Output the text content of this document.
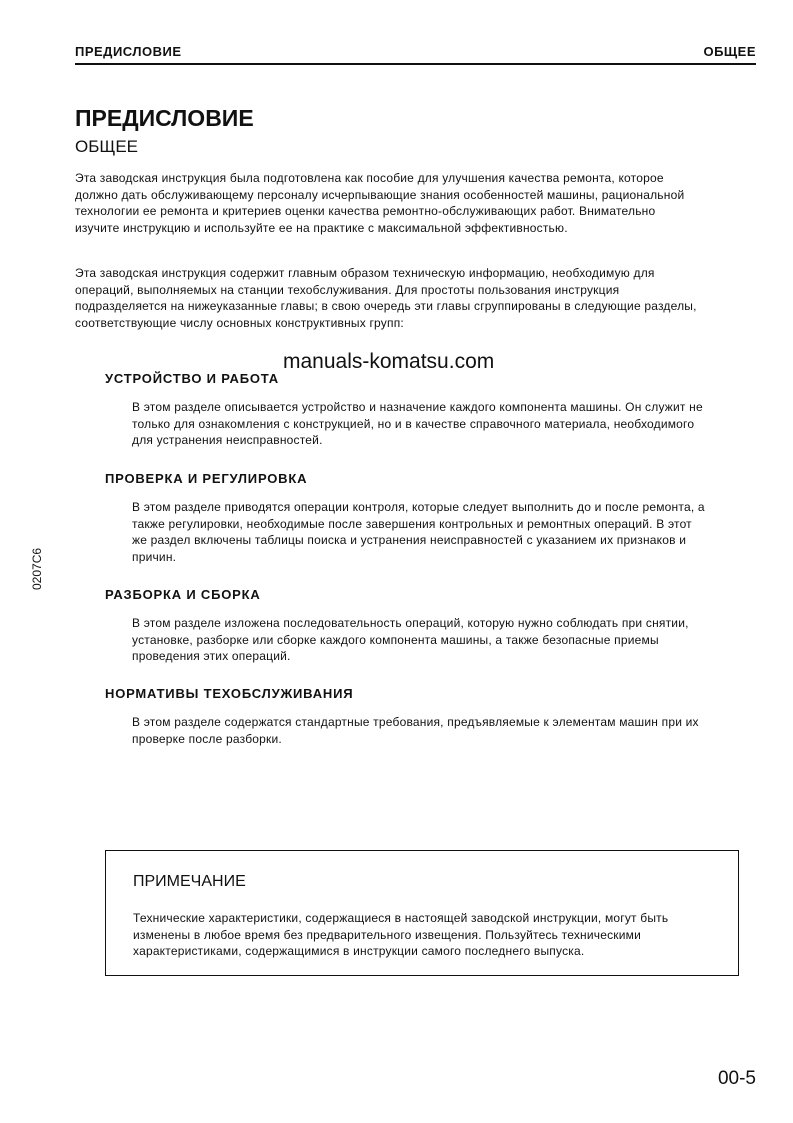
ПРЕДИСЛОВИЕ	ОБЩЕЕ
ПРЕДИСЛОВИЕ
ОБЩЕЕ
Эта заводская инструкция была подготовлена как пособие для улучшения качества ремонта, которое
должно дать обслуживающему персоналу исчерпывающие знания особенностей машины, рациональной
технологии ее ремонта и критериев оценки качества ремонтно-обслуживающих работ. Внимательно
изучите инструкцию и используйте ее на практике с максимальной эффективностью.
Эта заводская инструкция содержит главным образом техническую информацию, необходимую для
операций, выполняемых на станции техобслуживания. Для простоты пользования инструкция
подразделяется на нижеуказанные главы; в свою очередь эти главы сгруппированы в следующие разделы,
соответствующие числу основных конструктивных групп:
manuals-komatsu.com
УСТРОЙСТВО И РАБОТА
В этом разделе описывается устройство и назначение каждого компонента машины. Он служит не
только для ознакомления с конструкцией, но и в качестве справочного материала, необходимого
для устранения неисправностей.
ПРОВЕРКА И РЕГУЛИРОВКА
В этом разделе приводятся операции контроля, которые следует выполнить до и после ремонта, а
также регулировки, необходимые после завершения контрольных и ремонтных операций. В этот
же раздел включены таблицы поиска и устранения неисправностей с указанием их признаков и
причин.
РАЗБОРКА И СБОРКА
В этом разделе изложена последовательность операций, которую нужно соблюдать при снятии,
установке, разборке или сборке каждого компонента машины, а также безопасные приемы
проведения этих операций.
НОРМАТИВЫ ТЕХОБСЛУЖИВАНИЯ
В этом разделе содержатся стандартные требования, предъявляемые к элементам машин при их
проверке после разборки.
0207C6
ПРИМЕЧАНИЕ
Технические характеристики, содержащиеся в настоящей заводской инструкции, могут быть
изменены в любое время без предварительного извещения. Пользуйтесь техническими
характеристиками, содержащимися в инструкции самого последнего выпуска.
00-5
